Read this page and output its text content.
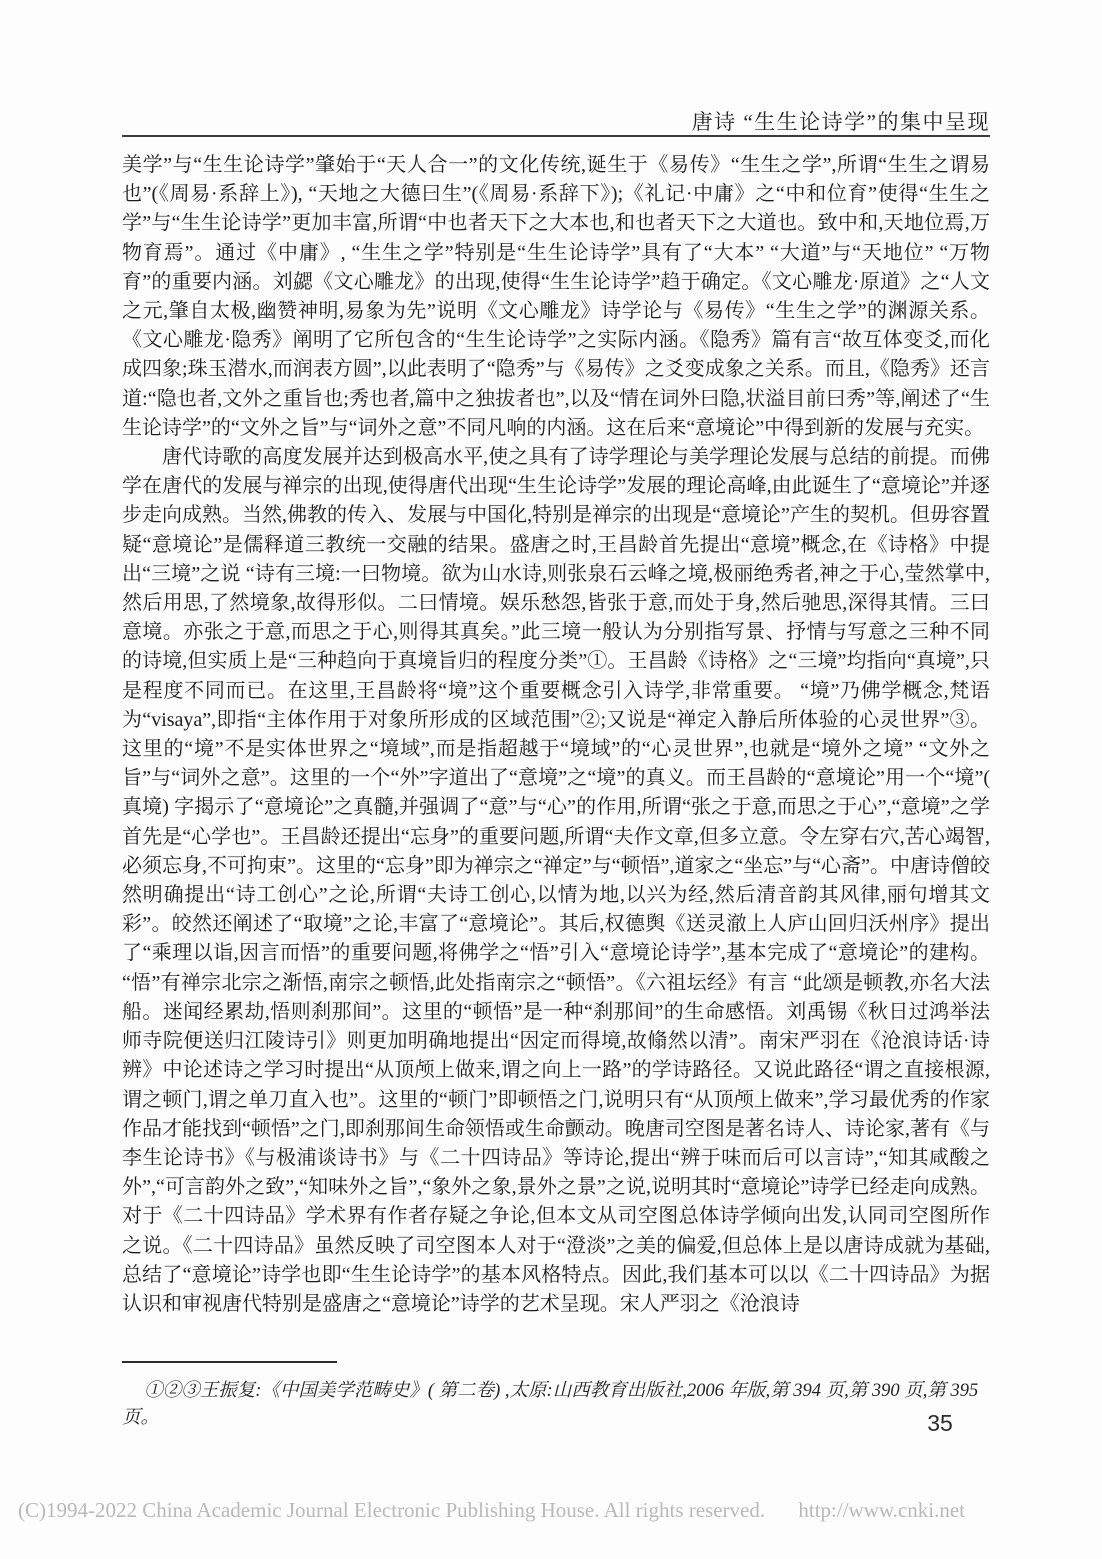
唐诗 “生生论诗学”的集中呈现

美学”与“生生论诗学”肇始于“天人合一”的文化传统,诞生于《易传》“生生之学”,所谓“生生之谓易也”(《周易·系辞上》), “天地之大德曰生”(《周易·系辞下》);《礼记·中庸》之“中和位育”使得“生生之学”与“生生论诗学”更加丰富,所谓“中也者天下之大本也,和也者天下之大道也。致中和,天地位焉,万物育焉”。通过《中庸》, “生生之学”特别是“生生论诗学”具有了“大本” “大道”与“天地位” “万物育”的重要内涵。刘勰《文心雕龙》的出现,使得“生生论诗学”趋于确定。《文心雕龙·原道》之“人文之元,肇自太极,幽赞神明,易象为先”说明《文心雕龙》诗学论与《易传》“生生之学”的渊源关系。《文心雕龙·隐秀》阐明了它所包含的“生生论诗学”之实际内涵。《隐秀》篇有言“故互体变爻,而化成四象;珠玉潜水,而润表方圆”,以此表明了“隐秀”与《易传》之爻变成象之关系。而且,《隐秀》还言道:“隐也者,文外之重旨也;秀也者,篇中之独拔者也”,以及“情在词外曰隐,状溢目前曰秀”等,阐述了“生生论诗学”的“文外之旨”与“词外之意”不同凡响的内涵。这在后来“意境论”中得到新的发展与充实。

唐代诗歌的高度发展并达到极高水平,使之具有了诗学理论与美学理论发展与总结的前提。而佛学在唐代的发展与禅宗的出现,使得唐代出现“生生论诗学”发展的理论高峰,由此诞生了“意境论”并逐步走向成熟。当然,佛教的传入、发展与中国化,特别是禅宗的出现是“意境论”产生的契机。但毋容置疑“意境论”是儒释道三教统一交融的结果。盛唐之时,王昌龄首先提出“意境”概念,在《诗格》中提出“三境”之说 “诗有三境:一曰物境。欲为山水诗,则张泉石云峰之境,极丽绝秀者,神之于心,莹然掌中,然后用思,了然境象,故得形似。二曰情境。娱乐愁怨,皆张于意,而处于身,然后驰思,深得其情。三曰意境。亦张之于意,而思之于心,则得其真矣。”此三境一般认为分别指写景、抒情与写意之三种不同的诗境,但实质上是“三种趋向于真境旨归的程度分类”①。王昌龄《诗格》之“三境”均指向“真境”,只是程度不同而已。在这里,王昌龄将“境”这个重要概念引入诗学,非常重要。 “境”乃佛学概念,梵语为“visaya”,即指“主体作用于对象所形成的区域范围”②;又说是“禅定入静后所体验的心灵世界”③。这里的“境”不是实体世界之“境域”,而是指超越于“境域”的“心灵世界”,也就是“境外之境” “文外之旨”与“词外之意”。这里的一个“外”字道出了“意境”之“境”的真义。而王昌龄的“意境论”用一个“境”( 真境) 字揭示了“意境论”之真髓,并强调了“意”与“心”的作用,所谓“张之于意,而思之于心”,“意境”之学首先是“心学也”。王昌龄还提出“忘身”的重要问题,所谓“夫作文章,但多立意。令左穿右穴,苦心竭智,必须忘身,不可拘束”。这里的“忘身”即为禅宗之“禅定”与“顿悟”,道家之“坐忘”与“心斋”。中唐诗僧皎然明确提出“诗工创心”之论,所谓“夫诗工创心,以情为地,以兴为经,然后清音韵其风律,丽句增其文彩”。皎然还阐述了“取境”之论,丰富了“意境论”。其后,权德舆《送灵澈上人庐山回归沃州序》提出了“乘理以诣,因言而悟”的重要问题,将佛学之“悟”引入“意境论诗学”,基本完成了“意境论”的建构。 “悟”有禅宗北宗之渐悟,南宗之顿悟,此处指南宗之“顿悟”。《六祖坛经》有言 “此颂是顿教,亦名大法船。迷闻经累劫,悟则刹那间”。这里的“顿悟”是一种“刹那间”的生命感悟。刘禹锡《秋日过鸿举法师寺院便送归江陵诗引》则更加明确地提出“因定而得境,故翛然以清”。南宋严羽在《沧浪诗话·诗辨》中论述诗之学习时提出“从顶颅上做来,谓之向上一路”的学诗路径。又说此路径“谓之直接根源,谓之顿门,谓之单刀直入也”。这里的“顿门”即顿悟之门,说明只有“从顶颅上做来”,学习最优秀的作家作品才能找到“顿悟”之门,即刹那间生命领悟或生命颤动。晚唐司空图是著名诗人、诗论家,著有《与李生论诗书》《与极浦谈诗书》与《二十四诗品》等诗论,提出“辨于味而后可以言诗”,“知其咸酸之外”,“可言韵外之致”,“知味外之旨”,“象外之象,景外之景”之说,说明其时“意境论”诗学已经走向成熟。对于《二十四诗品》学术界有作者存疑之争论,但本文从司空图总体诗学倾向出发,认同司空图所作之说。《二十四诗品》虽然反映了司空图本人对于“澄淡”之美的偏爱,但总体上是以唐诗成就为基础,总结了“意境论”诗学也即“生生论诗学”的基本风格特点。因此,我们基本可以以《二十四诗品》为据认识和审视唐代特别是盛唐之“意境论”诗学的艺术呈现。宋人严羽之《沧浪诗

①②③王振复:《中国美学范畴史》( 第二卷) ,太原:山西教育出版社,2006 年版,第 394 页,第 390 页,第 395 页。	35
(C)1994-2022 China Academic Journal Electronic Publishing House. All rights reserved. http://www.cnki.net
